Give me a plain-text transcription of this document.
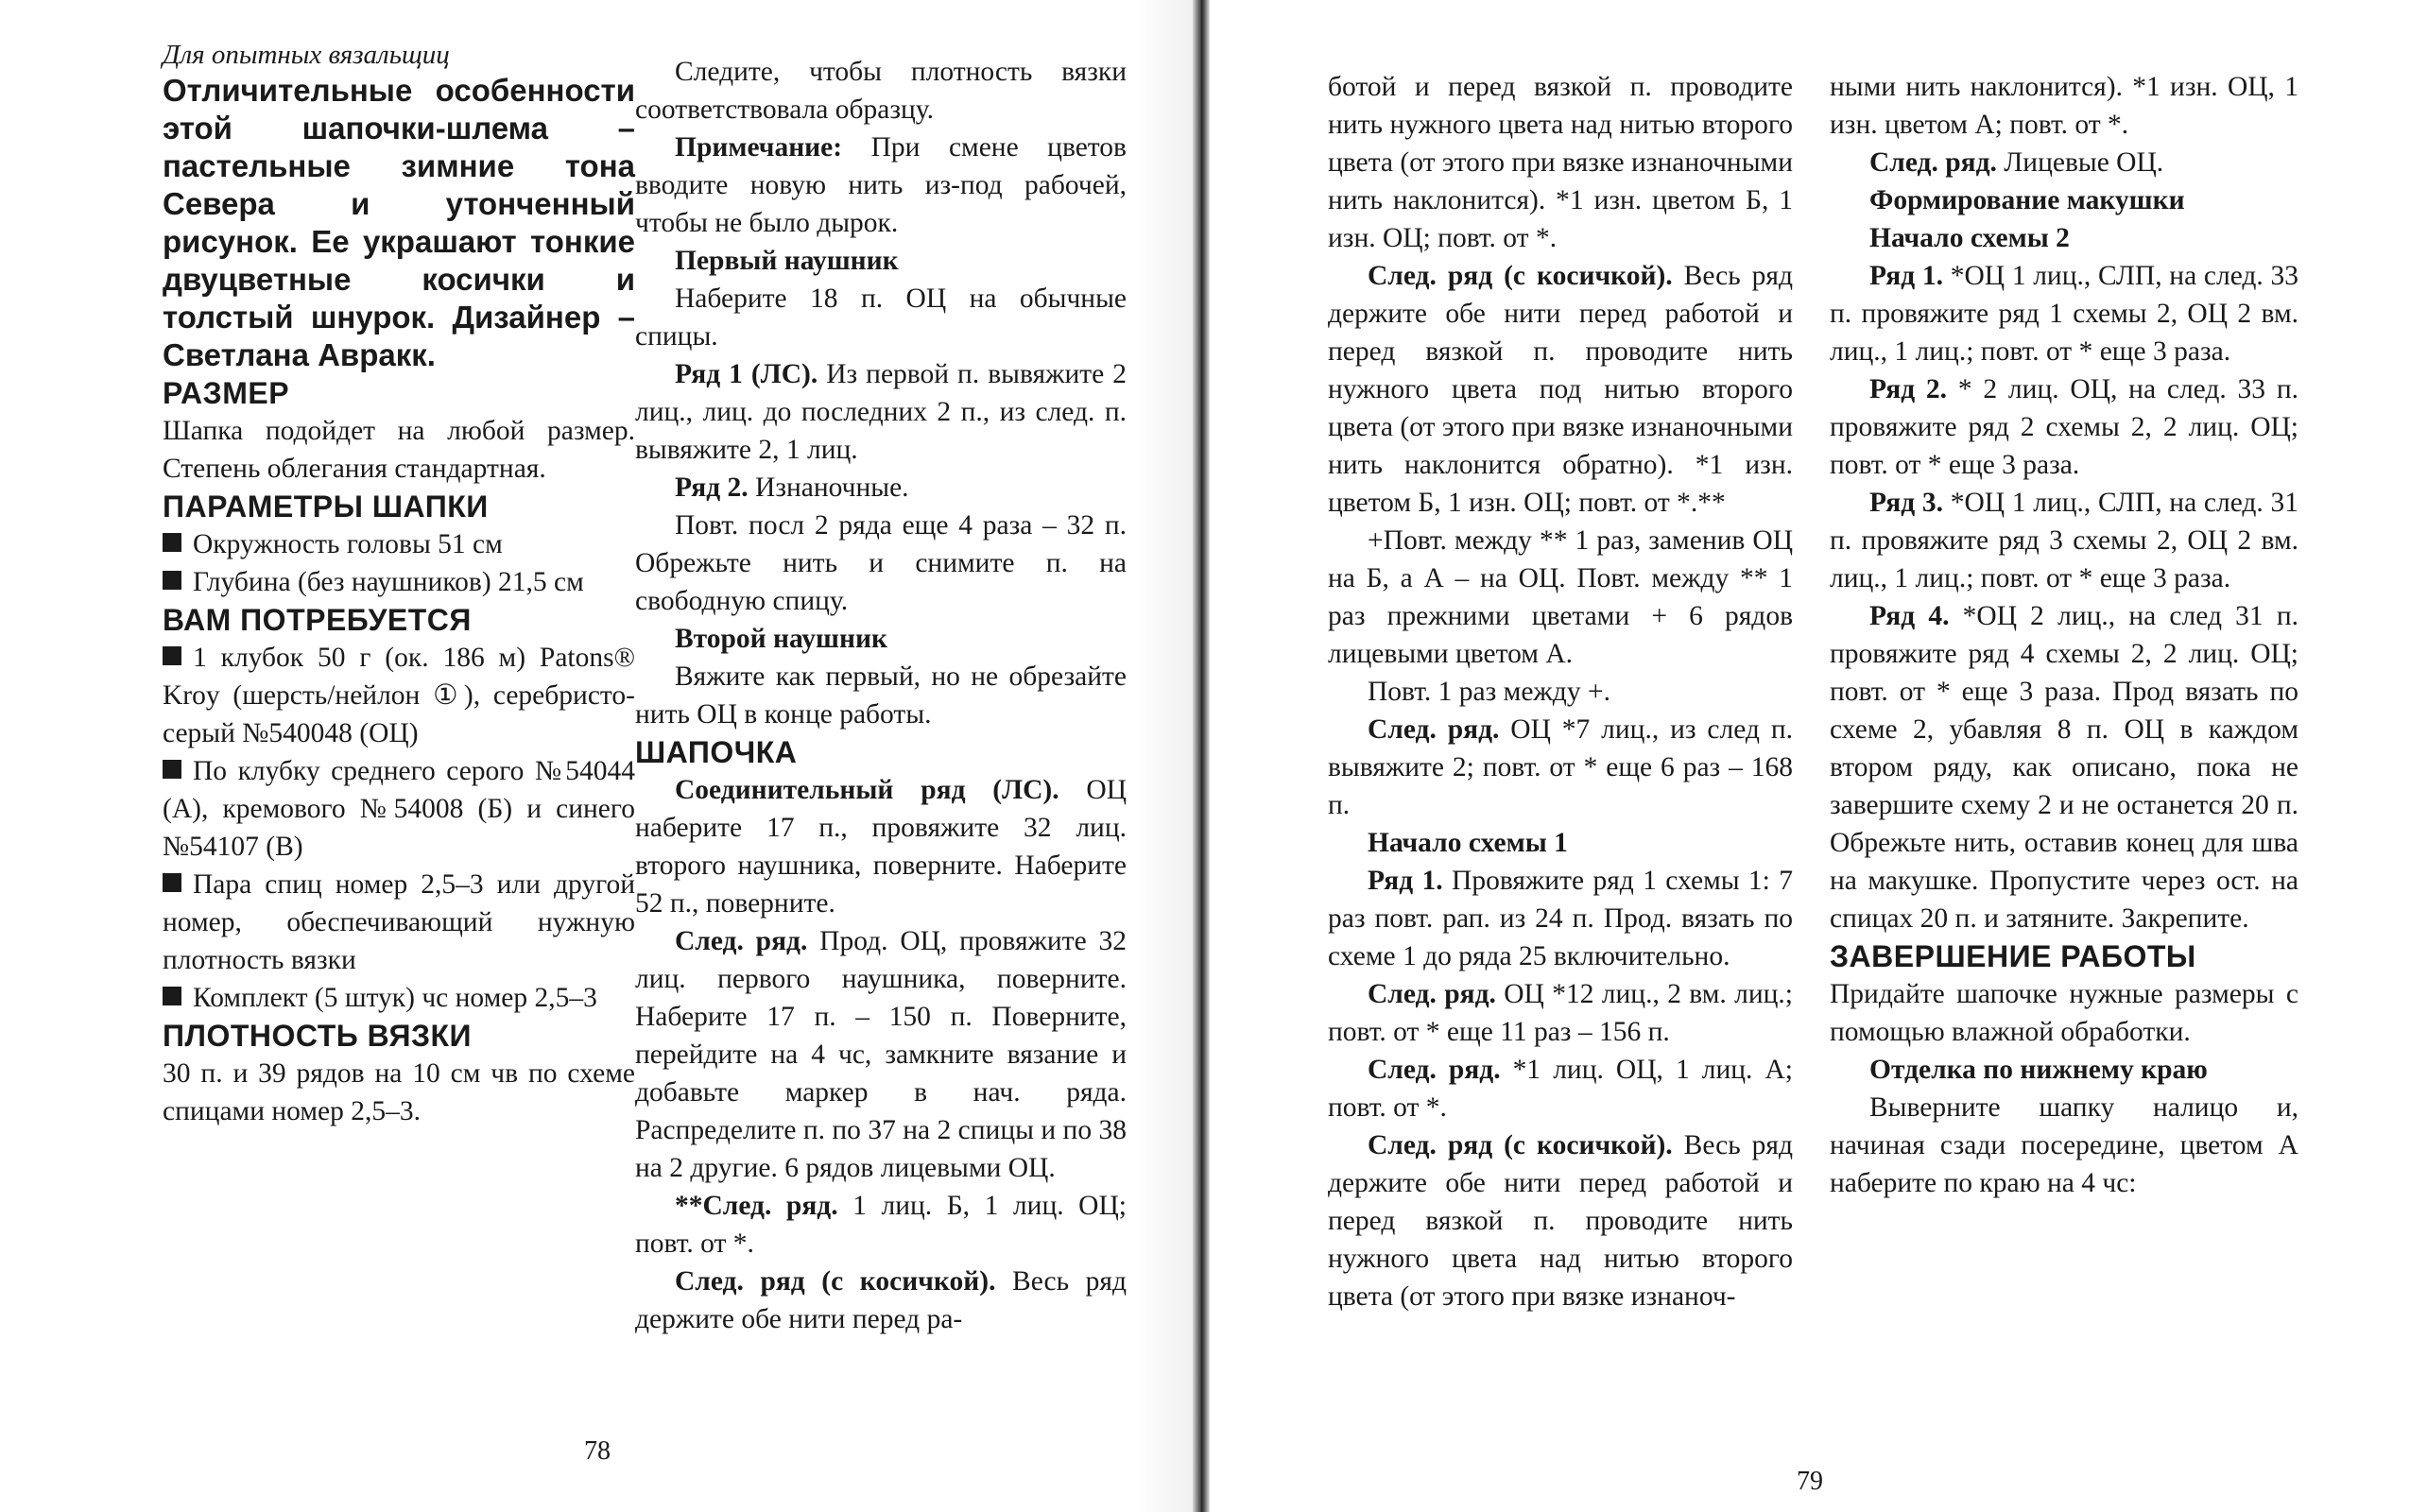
Для опытных вязальщиц

Отличительные особенности этой шапочки-шлема – пастельные зимние тона Севера и утонченный рисунок. Ее украшают тонкие двуцветные косички и толстый шнурок. Дизайнер – Светлана Авракк.

РАЗМЕР

Шапка подойдет на любой размер. Степень облегания стандартная.

ПАРАМЕТРЫ ШАПКИ

Окружность головы 51 см

Глубина (без наушников) 21,5 см

ВАМ ПОТРЕБУЕТСЯ

1 клубок 50 г (ок. 186 м) Patons® Kroy (шерсть/нейлон ①), серебристо-серый №540048 (ОЦ)

По клубку среднего серого №54044 (А), кремового №54008 (Б) и синего №54107 (В)

Пара спиц номер 2,5–3 или другой номер, обеспечивающий нужную плотность вязки

Комплект (5 штук) чс номер 2,5–3

ПЛОТНОСТЬ ВЯЗКИ

30 п. и 39 рядов на 10 см чв по схеме спицами номер 2,5–3.

Следите, чтобы плотность вязки соответствовала образцу.

Примечание: При смене цветов вводите новую нить из-под рабочей, чтобы не было дырок.

Первый наушник

Наберите 18 п. ОЦ на обычные спицы.

Ряд 1 (ЛС). Из первой п. вывяжите 2 лиц., лиц. до последних 2 п., из след. п. вывяжите 2, 1 лиц.

Ряд 2. Изнаночные.

Повт. посл 2 ряда еще 4 раза – 32 п. Обрежьте нить и снимите п. на свободную спицу.

Второй наушник

Вяжите как первый, но не обрезайте нить ОЦ в конце работы.

ШАПОЧКА

Соединительный ряд (ЛС). ОЦ наберите 17 п., провяжите 32 лиц. второго наушника, поверните. Наберите 52 п., поверните.

След. ряд. Прод. ОЦ, провяжите 32 лиц. первого наушника, поверните. Наберите 17 п. – 150 п. Поверните, перейдите на 4 чс, замкните вязание и добавьте маркер в нач. ряда. Распределите п. по 37 на 2 спицы и по 38 на 2 другие. 6 рядов лицевыми ОЦ.

**След. ряд. 1 лиц. Б, 1 лиц. ОЦ; повт. от *.

След. ряд (с косичкой). Весь ряд держите обе нити перед ра-

78

ботой и перед вязкой п. проводите нить нужного цвета над нитью второго цвета (от этого при вязке изнаночными нить наклонится). *1 изн. цветом Б, 1 изн. ОЦ; повт. от *.

След. ряд (с косичкой). Весь ряд держите обе нити перед работой и перед вязкой п. проводите нить нужного цвета под нитью второго цвета (от этого при вязке изнаночными нить наклонится обратно). *1 изн. цветом Б, 1 изн. ОЦ; повт. от *.**

+Повт. между ** 1 раз, заменив ОЦ на Б, а А – на ОЦ. Повт. между ** 1 раз прежними цветами + 6 рядов лицевыми цветом А.

Повт. 1 раз между +.

След. ряд. ОЦ *7 лиц., из след п. вывяжите 2; повт. от * еще 6 раз – 168 п.

Начало схемы 1

Ряд 1. Провяжите ряд 1 схемы 1: 7 раз повт. рап. из 24 п. Прод. вязать по схеме 1 до ряда 25 включительно.

След. ряд. ОЦ *12 лиц., 2 вм. лиц.; повт. от * еще 11 раз – 156 п.

След. ряд. *1 лиц. ОЦ, 1 лиц. А; повт. от *.

След. ряд (с косичкой). Весь ряд держите обе нити перед работой и перед вязкой п. проводите нить нужного цвета над нитью второго цвета (от этого при вязке изнаноч-

ными нить наклонится). *1 изн. ОЦ, 1 изн. цветом А; повт. от *.

След. ряд. Лицевые ОЦ.

Формирование макушки

Начало схемы 2

Ряд 1. *ОЦ 1 лиц., СЛП, на след. 33 п. провяжите ряд 1 схемы 2, ОЦ 2 вм. лиц., 1 лиц.; повт. от * еще 3 раза.

Ряд 2. * 2 лиц. ОЦ, на след. 33 п. провяжите ряд 2 схемы 2, 2 лиц. ОЦ; повт. от * еще 3 раза.

Ряд 3. *ОЦ 1 лиц., СЛП, на след. 31 п. провяжите ряд 3 схемы 2, ОЦ 2 вм. лиц., 1 лиц.; повт. от * еще 3 раза.

Ряд 4. *ОЦ 2 лиц., на след 31 п. провяжите ряд 4 схемы 2, 2 лиц. ОЦ; повт. от * еще 3 раза. Прод вязать по схеме 2, убавляя 8 п. ОЦ в каждом втором ряду, как описано, пока не завершите схему 2 и не останется 20 п. Обрежьте нить, оставив конец для шва на макушке. Пропустите через ост. на спицах 20 п. и затяните. Закрепите.

ЗАВЕРШЕНИЕ РАБОТЫ

Придайте шапочке нужные размеры с помощью влажной обработки.

Отделка по нижнему краю

Выверните шапку налицо и, начиная сзади посередине, цветом А наберите по краю на 4 чс:

79
